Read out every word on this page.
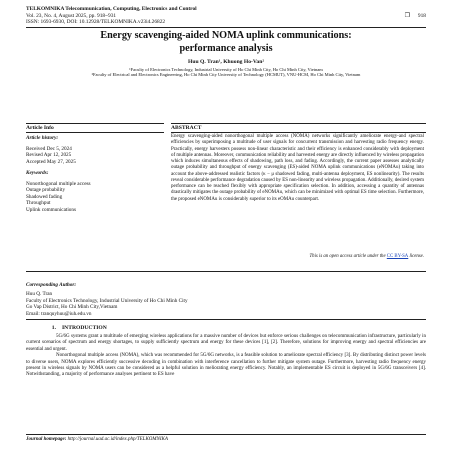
TELKOMNIKA Telecommunication, Computing, Electronics and Control
Vol. 23, No. 4, August 2025, pp. 918~931
ISSN: 1693-6930, DOI: 10.12928/TELKOMNIKA.v23i4.26822
❐ 918
Energy scavenging-aided NOMA uplink communications:
performance analysis
Huu Q. Tran¹, Khuong Ho-Van²
¹Faculty of Electronics Technology, Industrial University of Ho Chi Minh City, Ho Chi Minh City, Vietnam
²Faculty of Electrical and Electronics Engineering, Ho Chi Minh City University of Technology (HCMUT), VNU-HCM, Ho Chi Minh City, Vietnam
Article Info	ABSTRACT
Article history:
Received Dec 5, 2024
Revised Apr 12, 2025
Accepted May 27, 2025
Keywords:
Nonorthogonal multiple access
Outage probability
Shadowed fading
Throughput
Uplink communications
Energy scavenging-aided nonorthogonal multiple access (NOMA) networks significantly ameliorate energy-and spectral efficiencies by superimposing a multitude of user signals for concurrent transmission and harvesting radio frequency energy. Practically, energy harvesters possess non-linear characteristic and their efficiency is enhanced considerably with deployment of multiple antennas. Moreover, communication reliability and harvested energy are directly influenced by wireless propagation which induces simultaneous effects of shadowing, path loss, and fading. Accordingly, the current paper assesses analytically outage probability and throughput of energy scavenging (ES)-aided NOMA uplink communications (eNOMAu) taking into account the above-addressed realistic factors (κ − μ shadowed fading, multi-antenna deployment, ES nonlinearity). The results reveal considerable performance degradation caused by ES non-linearity and wireless propagation. Additionally, desired system performance can be reached flexibly with appropriate specification selection. In addition, accessing a quantity of antennas drastically mitigates the outage probability of eNOMAu, which can be minimized with optimal ES time selection. Furthermore, the proposed eNOMAu is considerably superior to its eOMAu counterpart.
This is an open access article under the CC BY-SA license.
Corresponding Author:
Huu Q. Tran
Faculty of Electronics Technology, Industrial University of Ho Chi Minh City
Go Vap District, Ho Chi Minh City,Vietnam
Email: tranquyhuu@iuh.edu.vn
1. INTRODUCTION

5G/6G systems grant a multitude of emerging wireless applications for a massive number of devices but enforce serious challenges on telecommunication infrastructure, particularly in current scenarios of spectrum and energy shortages, to supply sufficiently spectrum and energy for these devices [1], [2]. Therefore, solutions for improving energy and spectral efficiencies are essential and urgent.

Nonorthogonal multiple access (NOMA), which was recommended for 5G/6G networks, is a feasible solution to ameliorate spectral efficiency [3]. By distributing distinct power levels to diverse users, NOMA explores efficiently successive decoding in combination with interference cancellation to further mitigate system outage. Furthermore, harvesting radio frequency energy present in wireless signals by NOMA users can be considered as a helpful solution in meliorating energy efficiency. Notably, an implementable ES circuit is deployed in 5G/6G transceivers [4]. Notwithstanding, a majority of performance analyses pertinent to ES have

Journal homepage: http://journal.uad.ac.id/index.php/TELKOMNIKA
